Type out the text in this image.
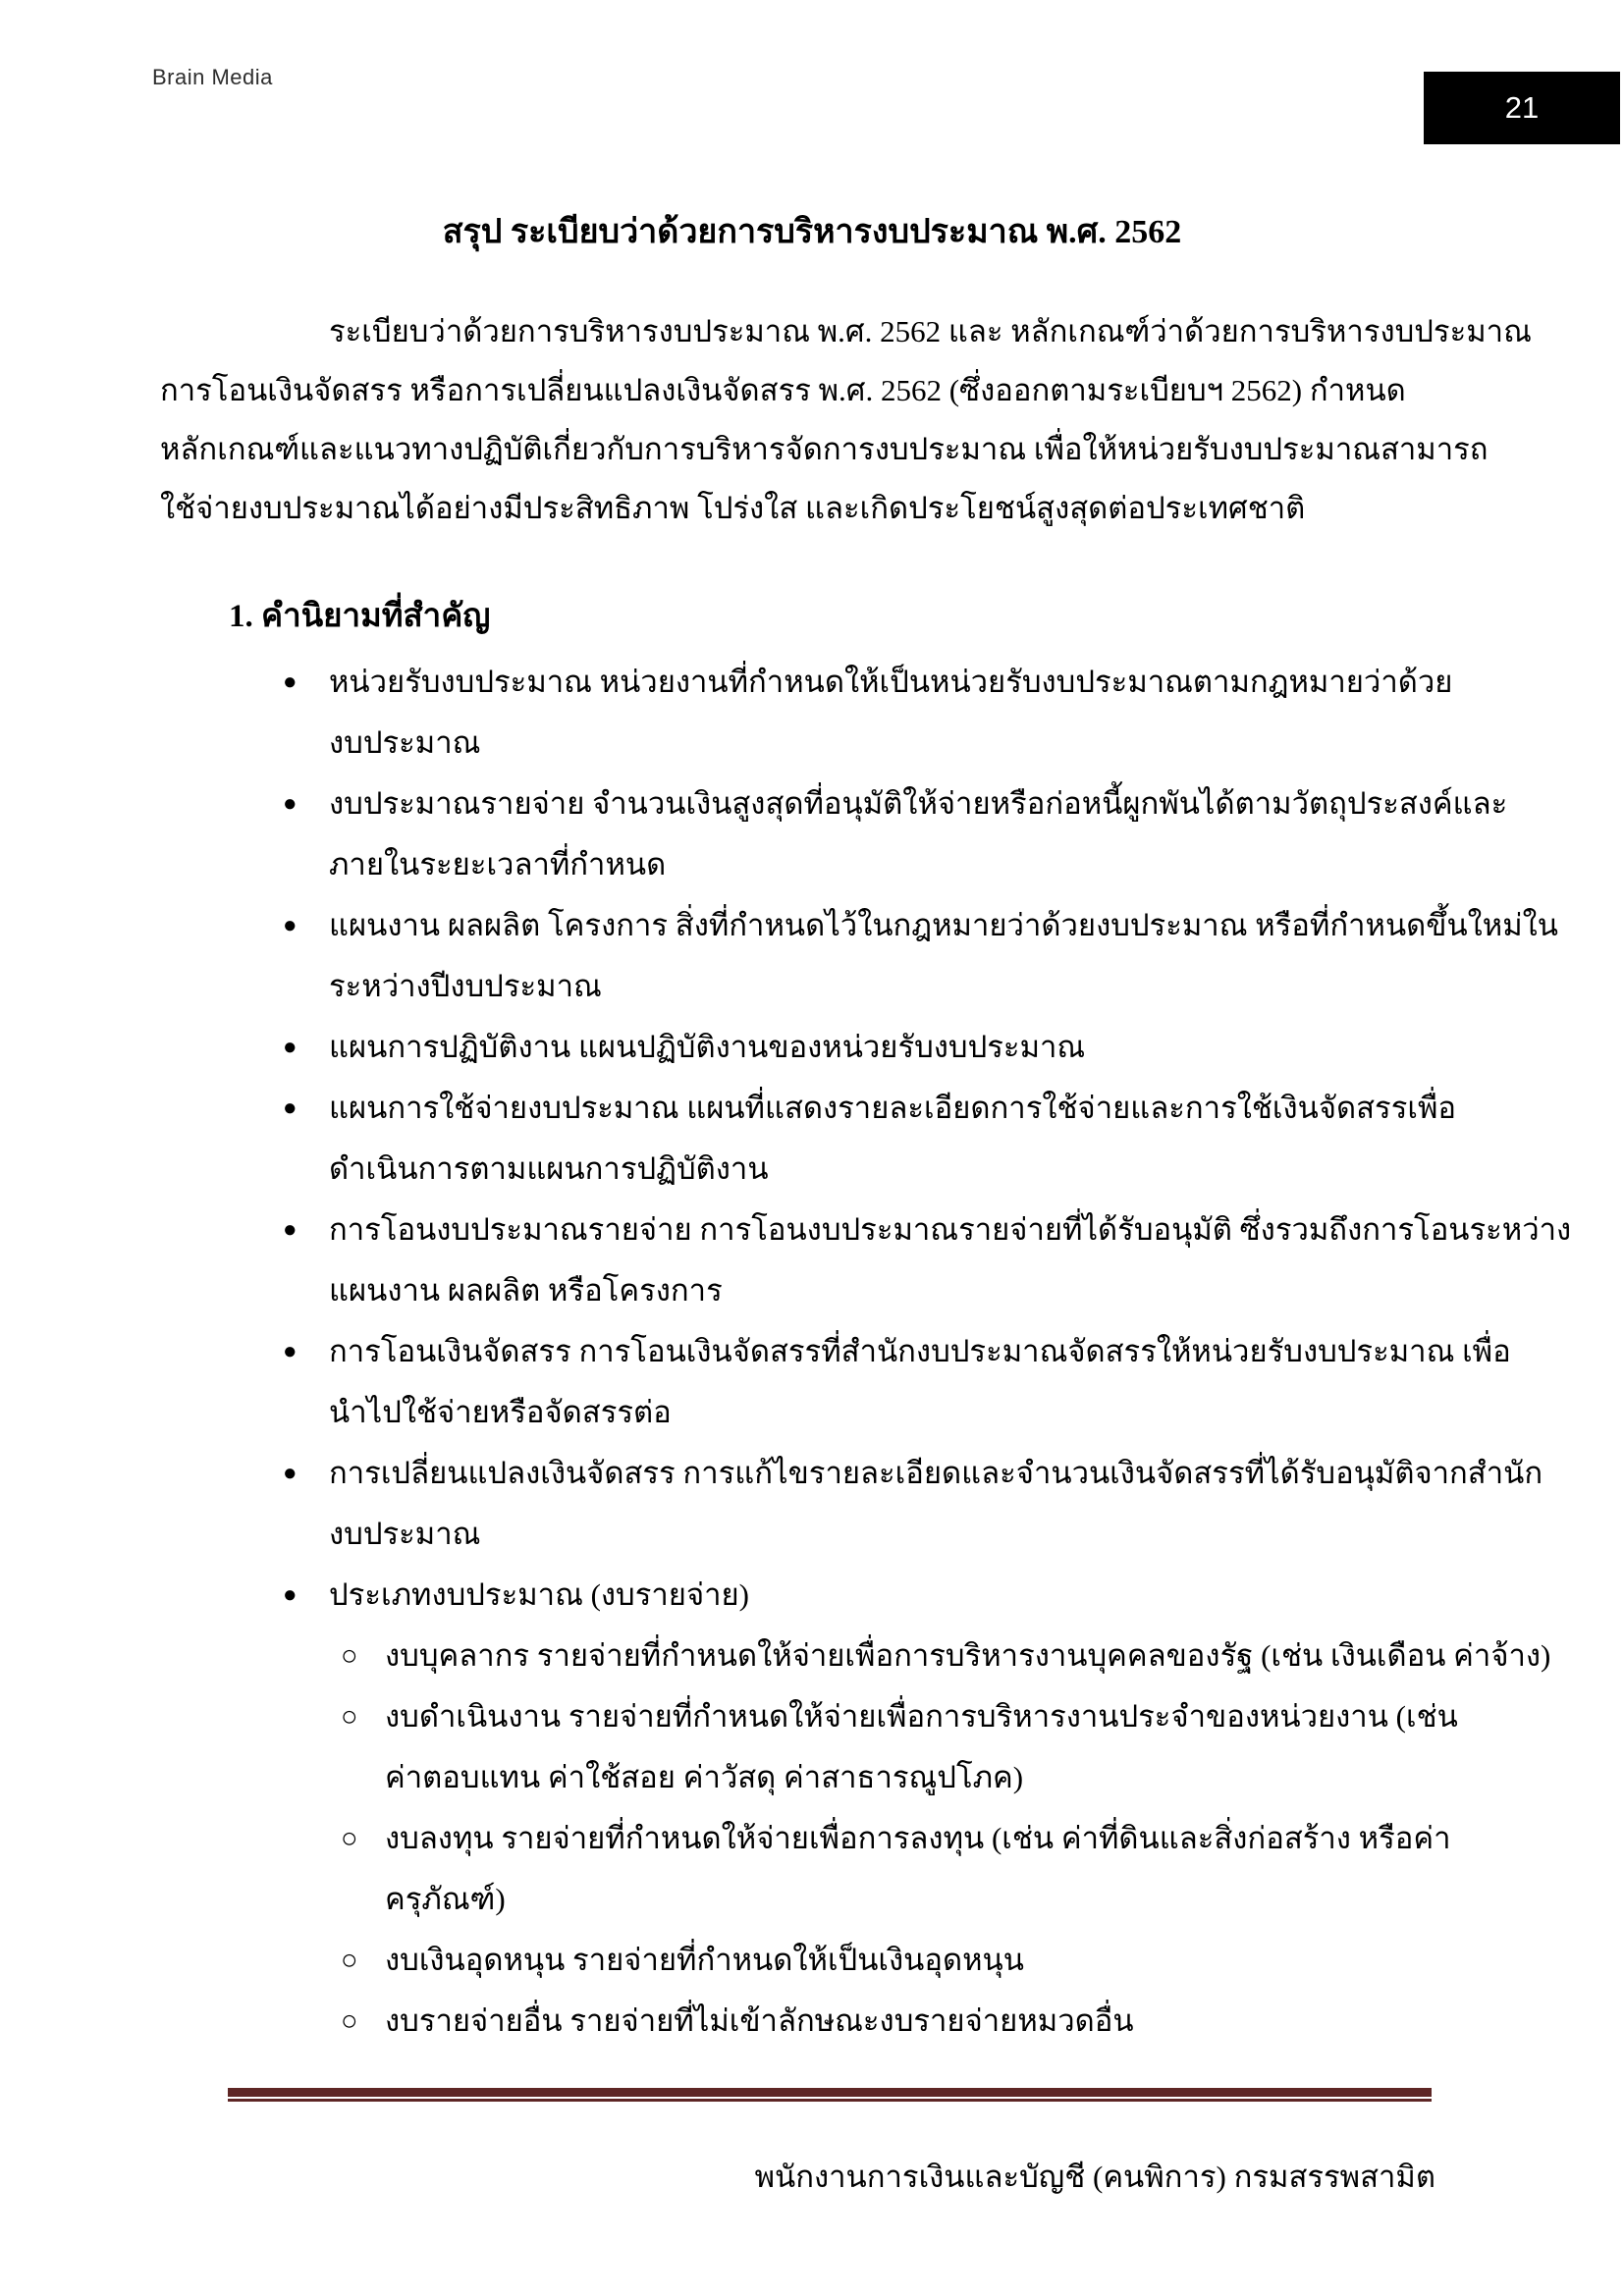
Brain Media
21
สรุป ระเบียบว่าด้วยการบริหารงบประมาณ พ.ศ. 2562
ระเบียบว่าด้วยการบริหารงบประมาณ พ.ศ. 2562 และ หลักเกณฑ์ว่าด้วยการบริหารงบประมาณ
การโอนเงินจัดสรร หรือการเปลี่ยนแปลงเงินจัดสรร พ.ศ. 2562 (ซึ่งออกตามระเบียบฯ 2562) กำหนด
หลักเกณฑ์และแนวทางปฏิบัติเกี่ยวกับการบริหารจัดการงบประมาณ เพื่อให้หน่วยรับงบประมาณสามารถ
ใช้จ่ายงบประมาณได้อย่างมีประสิทธิภาพ โปร่งใส และเกิดประโยชน์สูงสุดต่อประเทศชาติ
1. คำนิยามที่สำคัญ
● หน่วยรับงบประมาณ หน่วยงานที่กำหนดให้เป็นหน่วยรับงบประมาณตามกฎหมายว่าด้วย
งบประมาณ
● งบประมาณรายจ่าย จำนวนเงินสูงสุดที่อนุมัติให้จ่ายหรือก่อหนี้ผูกพันได้ตามวัตถุประสงค์และ
ภายในระยะเวลาที่กำหนด
● แผนงาน ผลผลิต โครงการ สิ่งที่กำหนดไว้ในกฎหมายว่าด้วยงบประมาณ หรือที่กำหนดขึ้นใหม่ใน
ระหว่างปีงบประมาณ
● แผนการปฏิบัติงาน แผนปฏิบัติงานของหน่วยรับงบประมาณ
● แผนการใช้จ่ายงบประมาณ แผนที่แสดงรายละเอียดการใช้จ่ายและการใช้เงินจัดสรรเพื่อ
ดำเนินการตามแผนการปฏิบัติงาน
● การโอนงบประมาณรายจ่าย การโอนงบประมาณรายจ่ายที่ได้รับอนุมัติ ซึ่งรวมถึงการโอนระหว่าง
แผนงาน ผลผลิต หรือโครงการ
● การโอนเงินจัดสรร การโอนเงินจัดสรรที่สำนักงบประมาณจัดสรรให้หน่วยรับงบประมาณ เพื่อ
นำไปใช้จ่ายหรือจัดสรรต่อ
● การเปลี่ยนแปลงเงินจัดสรร การแก้ไขรายละเอียดและจำนวนเงินจัดสรรที่ได้รับอนุมัติจากสำนัก
งบประมาณ
● ประเภทงบประมาณ (งบรายจ่าย)
○ งบบุคลากร รายจ่ายที่กำหนดให้จ่ายเพื่อการบริหารงานบุคคลของรัฐ (เช่น เงินเดือน ค่าจ้าง)
○ งบดำเนินงาน รายจ่ายที่กำหนดให้จ่ายเพื่อการบริหารงานประจำของหน่วยงาน (เช่น
ค่าตอบแทน ค่าใช้สอย ค่าวัสดุ ค่าสาธารณูปโภค)
○ งบลงทุน รายจ่ายที่กำหนดให้จ่ายเพื่อการลงทุน (เช่น ค่าที่ดินและสิ่งก่อสร้าง หรือค่า
ครุภัณฑ์)
○ งบเงินอุดหนุน รายจ่ายที่กำหนดให้เป็นเงินอุดหนุน
○ งบรายจ่ายอื่น รายจ่ายที่ไม่เข้าลักษณะงบรายจ่ายหมวดอื่น
พนักงานการเงินและบัญชี (คนพิการ) กรมสรรพสามิต
